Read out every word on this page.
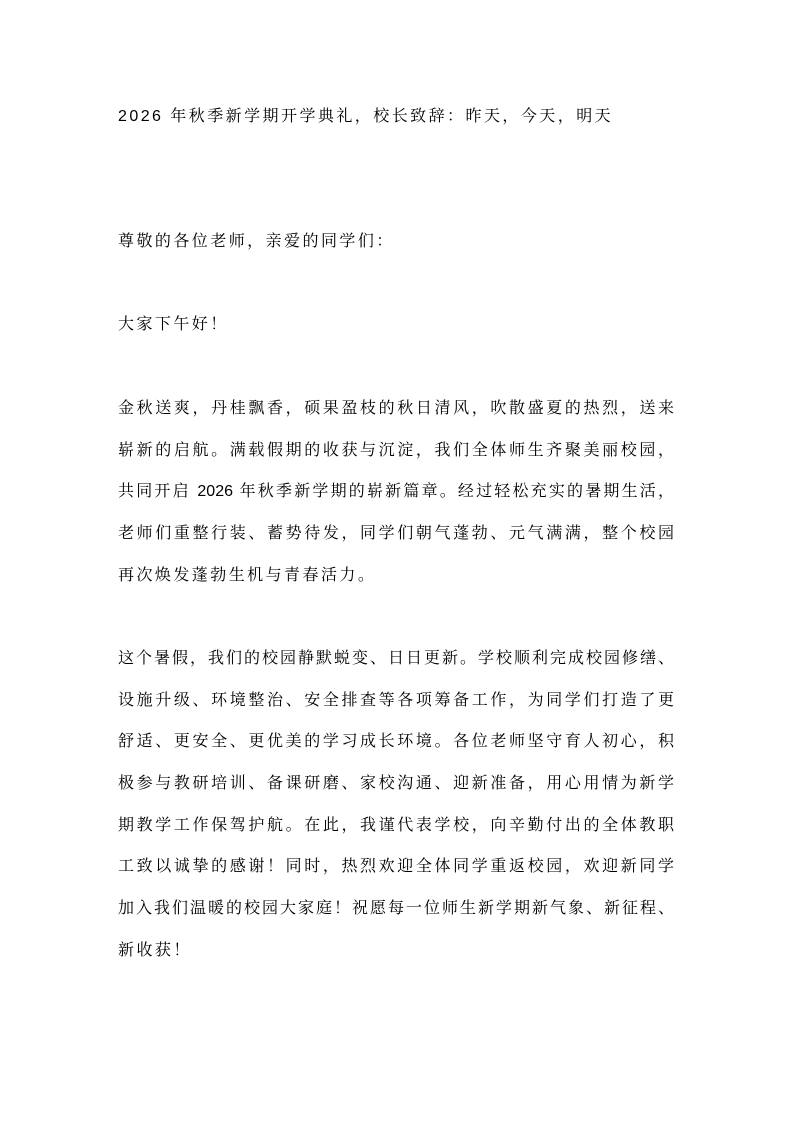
2026 年秋季新学期开学典礼，校长致辞：昨天，今天，明天
尊敬的各位老师，亲爱的同学们：
大家下午好！
金秋送爽，丹桂飘香，硕果盈枝的秋日清风，吹散盛夏的热烈，送来
崭新的启航。满载假期的收获与沉淀，我们全体师生齐聚美丽校园，
共同开启 2026 年秋季新学期的崭新篇章。经过轻松充实的暑期生活，
老师们重整行装、蓄势待发，同学们朝气蓬勃、元气满满，整个校园
再次焕发蓬勃生机与青春活力。
这个暑假，我们的校园静默蜕变、日日更新。学校顺利完成校园修缮、
设施升级、环境整治、安全排查等各项筹备工作，为同学们打造了更
舒适、更安全、更优美的学习成长环境。各位老师坚守育人初心，积
极参与教研培训、备课研磨、家校沟通、迎新准备，用心用情为新学
期教学工作保驾护航。在此，我谨代表学校，向辛勤付出的全体教职
工致以诚挚的感谢！同时，热烈欢迎全体同学重返校园，欢迎新同学
加入我们温暖的校园大家庭！祝愿每一位师生新学期新气象、新征程、
新收获！
